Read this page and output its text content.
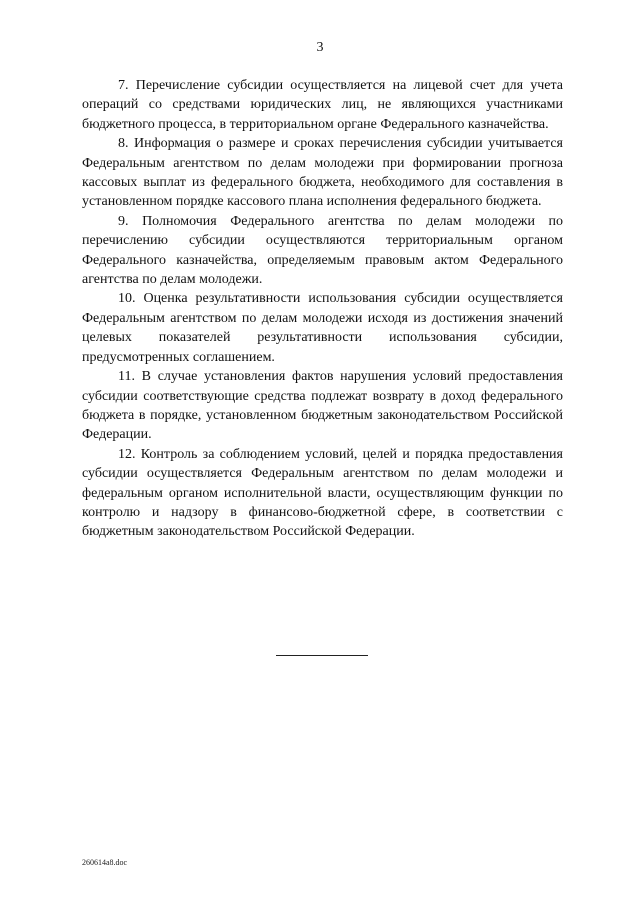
3

7. Перечисление субсидии осуществляется на лицевой счет для учета операций со средствами юридических лиц, не являющихся участниками бюджетного процесса, в территориальном органе Федерального казначейства.

8. Информация о размере и сроках перечисления субсидии учитывается Федеральным агентством по делам молодежи при формировании прогноза кассовых выплат из федерального бюджета, необходимого для составления в установленном порядке кассового плана исполнения федерального бюджета.

9. Полномочия Федерального агентства по делам молодежи по перечислению субсидии осуществляются территориальным органом Федерального казначейства, определяемым правовым актом Федерального агентства по делам молодежи.

10. Оценка результативности использования субсидии осуществляется Федеральным агентством по делам молодежи исходя из достижения значений целевых показателей результативности использования субсидии, предусмотренных соглашением.

11. В случае установления фактов нарушения условий предоставления субсидии соответствующие средства подлежат возврату в доход федерального бюджета в порядке, установленном бюджетным законодательством Российской Федерации.

12. Контроль за соблюдением условий, целей и порядка предоставления субсидии осуществляется Федеральным агентством по делам молодежи и федеральным органом исполнительной власти, осуществляющим функции по контролю и надзору в финансово-бюджетной сфере, в соответствии с бюджетным законодательством Российской Федерации.

260614a8.doc
